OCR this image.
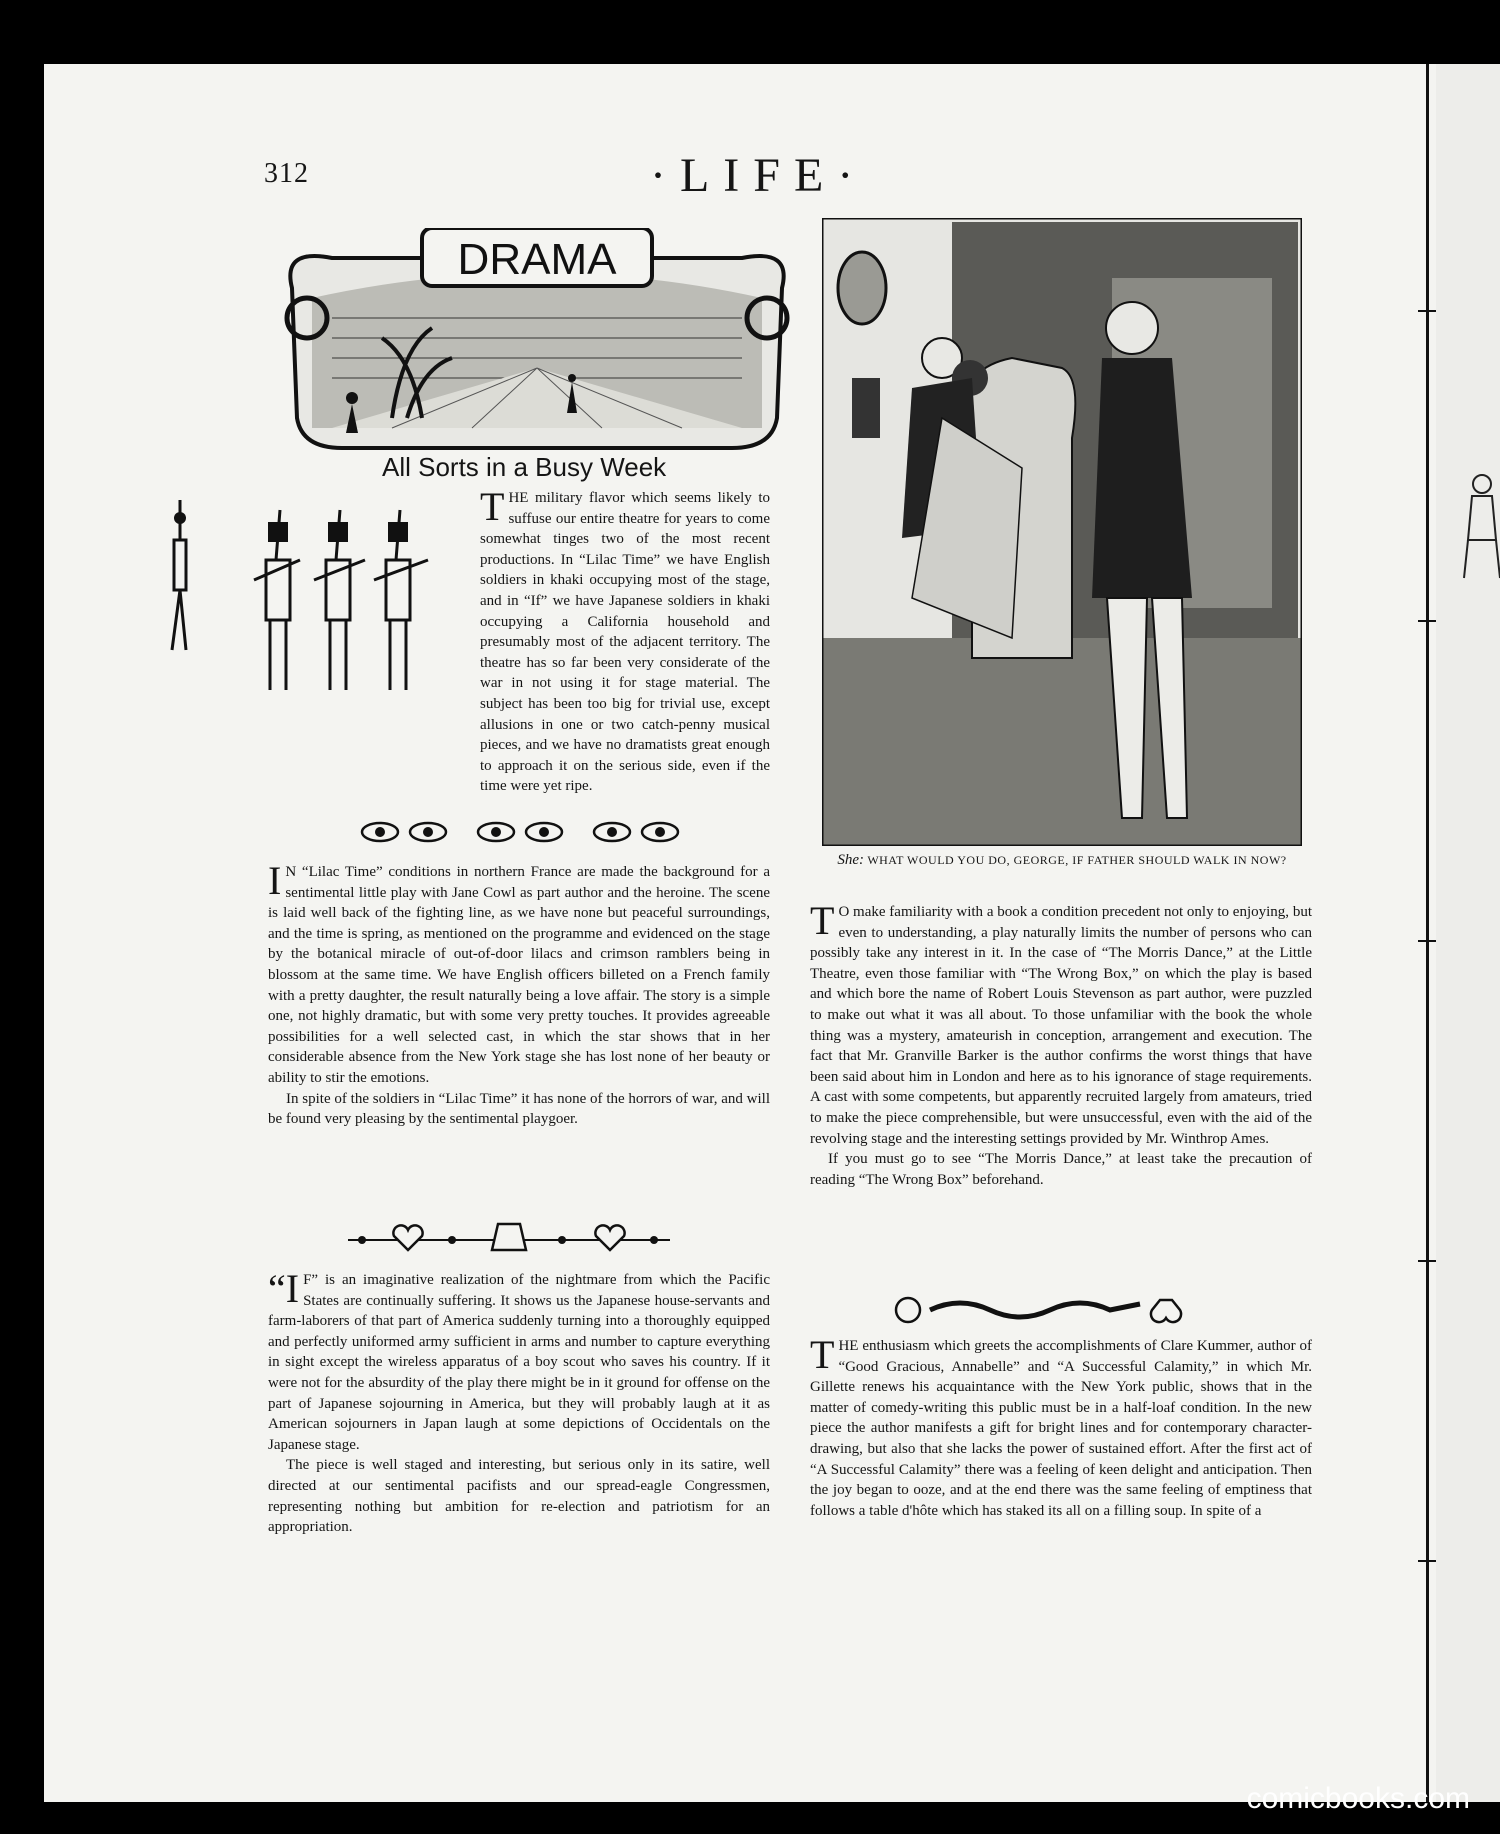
312	·LIFE·
DRAMA
All Sorts in a Busy Week

THE military flavor which seems likely to suffuse our entire theatre for years to come somewhat tinges two of the most recent productions. In “Lilac Time” we have English soldiers in khaki occupying most of the stage, and in “If” we have Japanese soldiers in khaki occupying a California household and presumably most of the adjacent territory. The theatre has so far been very considerate of the war in not using it for stage material. The subject has been too big for trivial use, except allusions in one or two catch-penny musical pieces, and we have no dramatists great enough to approach it on the serious side, even if the time were yet ripe.

I N “Lilac Time” conditions in northern France are made the background for a sentimental little play with Jane Cowl as part author and the heroine. The scene is laid well back of the fighting line, as we have none but peaceful surroundings, and the time is spring, as mentioned on the programme and evidenced on the stage by the botanical miracle of out-of-door lilacs and crimson ramblers being in blossom at the same time. We have English officers billeted on a French family with a pretty daughter, the result naturally being a love affair. The story is a simple one, not highly dramatic, but with some very pretty touches. It provides agreeable possibilities for a well selected cast, in which the star shows that in her considerable absence from the New York stage she has lost none of her beauty or ability to stir the emotions.

In spite of the soldiers in “Lilac Time” it has none of the horrors of war, and will be found very pleasing by the sentimental playgoer.

“I F” is an imaginative realization of the nightmare from which the Pacific States are continually suffering. It shows us the Japanese house-servants and farm-laborers of that part of America suddenly turning into a thoroughly equipped and perfectly uniformed army sufficient in arms and number to capture everything in sight except the wireless apparatus of a boy scout who saves his country. If it were not for the absurdity of the play there might be in it ground for offense on the part of Japanese sojourning in America, but they will probably laugh at it as American sojourners in Japan laugh at some depictions of Occidentals on the Japanese stage.

The piece is well staged and interesting, but serious only in its satire, well directed at our sentimental pacifists and our spread-eagle Congressmen, representing nothing but ambition for re-election and patriotism for an appropriation.

She: WHAT WOULD YOU DO, GEORGE, IF FATHER SHOULD WALK IN NOW?

T O make familiarity with a book a condition precedent not only to enjoying, but even to understanding, a play naturally limits the number of persons who can possibly take any interest in it. In the case of “The Morris Dance,” at the Little Theatre, even those familiar with “The Wrong Box,” on which the play is based and which bore the name of Robert Louis Stevenson as part author, were puzzled to make out what it was all about. To those unfamiliar with the book the whole thing was a mystery, amateurish in conception, arrangement and execution. The fact that Mr. Granville Barker is the author confirms the worst things that have been said about him in London and here as to his ignorance of stage requirements. A cast with some competents, but apparently recruited largely from amateurs, tried to make the piece comprehensible, but were unsuccessful, even with the aid of the revolving stage and the interesting settings provided by Mr. Winthrop Ames.

If you must go to see “The Morris Dance,” at least take the precaution of reading “The Wrong Box” beforehand.

THE enthusiasm which greets the accomplishments of Clare Kummer, author of “Good Gracious, Annabelle” and “A Successful Calamity,” in which Mr. Gillette renews his acquaintance with the New York public, shows that in the matter of comedy-writing this public must be in a half-loaf condition. In the new piece the author manifests a gift for bright lines and for contemporary character-drawing, but also that she lacks the power of sustained effort. After the first act of “A Successful Calamity” there was a feeling of keen delight and anticipation. Then the joy began to ooze, and at the end there was the same feeling of emptiness that follows a table d'hôte which has staked its all on a filling soup. In spite of a

comicbooks.com
